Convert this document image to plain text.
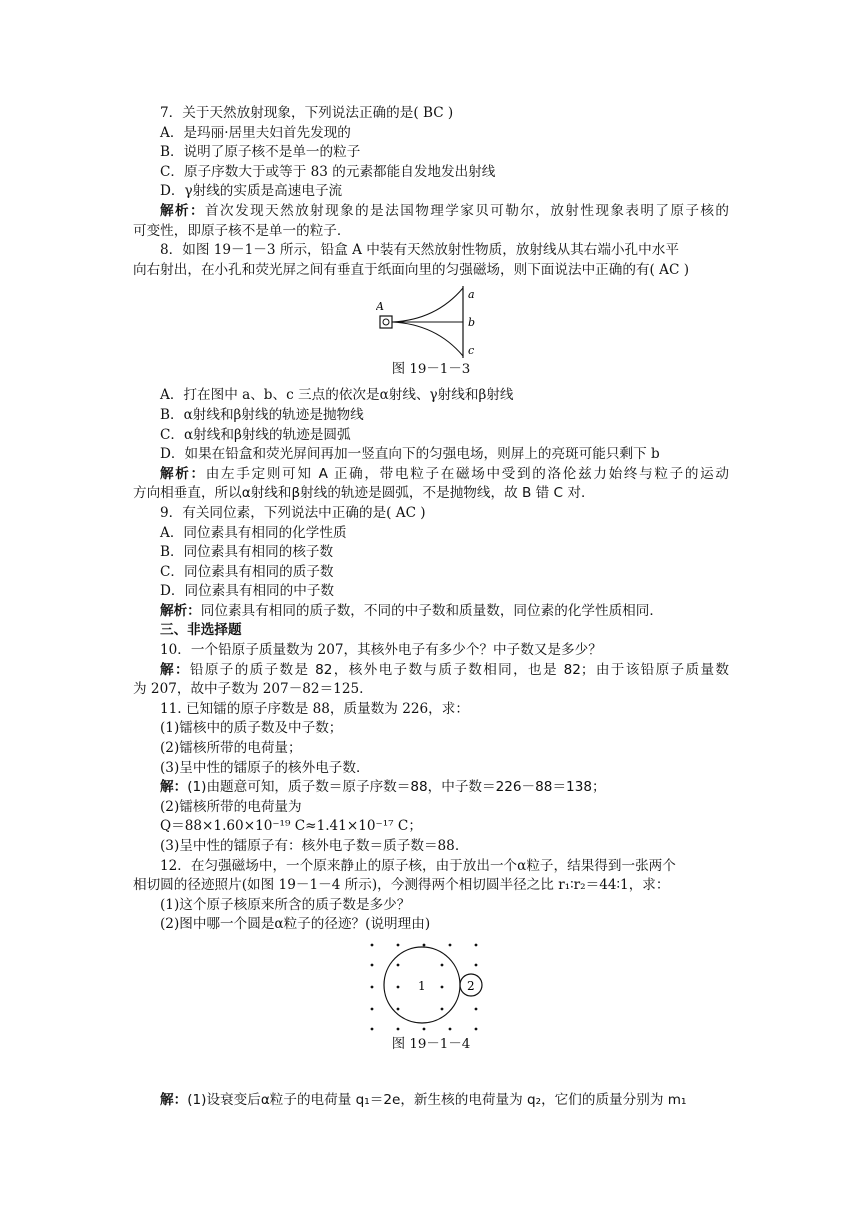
7．关于天然放射现象，下列说法正确的是( BC )
A．是玛丽·居里夫妇首先发现的
B．说明了原子核不是单一的粒子
C．原子序数大于或等于 83 的元素都能自发地发出射线
D．γ射线的实质是高速电子流
解析：首次发现天然放射现象的是法国物理学家贝可勒尔，放射性现象表明了原子核的
可变性，即原子核不是单一的粒子．
8．如图 19－1－3 所示，铅盒 A 中装有天然放射性物质，放射线从其右端小孔中水平
向右射出，在小孔和荧光屏之间有垂直于纸面向里的匀强磁场，则下面说法中正确的有( AC )
A
a
b
c
图 19－1－3
A．打在图中 a、b、c 三点的依次是α射线、γ射线和β射线
B．α射线和β射线的轨迹是抛物线
C．α射线和β射线的轨迹是圆弧
D．如果在铅盒和荧光屏间再加一竖直向下的匀强电场，则屏上的亮斑可能只剩下 b
解析：由左手定则可知 A 正确，带电粒子在磁场中受到的洛伦兹力始终与粒子的运动
方向相垂直，所以α射线和β射线的轨迹是圆弧，不是抛物线，故 B 错 C 对．
9．有关同位素，下列说法中正确的是( AC )
A．同位素具有相同的化学性质
B．同位素具有相同的核子数
C．同位素具有相同的质子数
D．同位素具有相同的中子数
解析：同位素具有相同的质子数，不同的中子数和质量数，同位素的化学性质相同．
三、非选择题
10．一个铅原子质量数为 207，其核外电子有多少个？中子数又是多少？
解：铅原子的质子数是 82，核外电子数与质子数相同，也是 82；由于该铅原子质量数
为 207，故中子数为 207－82＝125.
11. 已知镭的原子序数是 88，质量数为 226，求：
(1)镭核中的质子数及中子数；
(2)镭核所带的电荷量；
(3)呈中性的镭原子的核外电子数．
解：(1)由题意可知，质子数＝原子序数＝88，中子数＝226－88＝138；
(2)镭核所带的电荷量为
Q＝88×1.60×10⁻¹⁹ C≈1.41×10⁻¹⁷ C；
(3)呈中性的镭原子有：核外电子数＝质子数＝88.
12．在匀强磁场中，一个原来静止的原子核，由于放出一个α粒子，结果得到一张两个
相切圆的径迹照片(如图 19－1－4 所示)，今测得两个相切圆半径之比 r₁∶r₂＝44∶1，求：
(1)这个原子核原来所含的质子数是多少？
(2)图中哪一个圆是α粒子的径迹？(说明理由)
1	2
图 19－1－4
解：(1)设衰变后α粒子的电荷量 q₁＝2e，新生核的电荷量为 q₂，它们的质量分别为 m₁
